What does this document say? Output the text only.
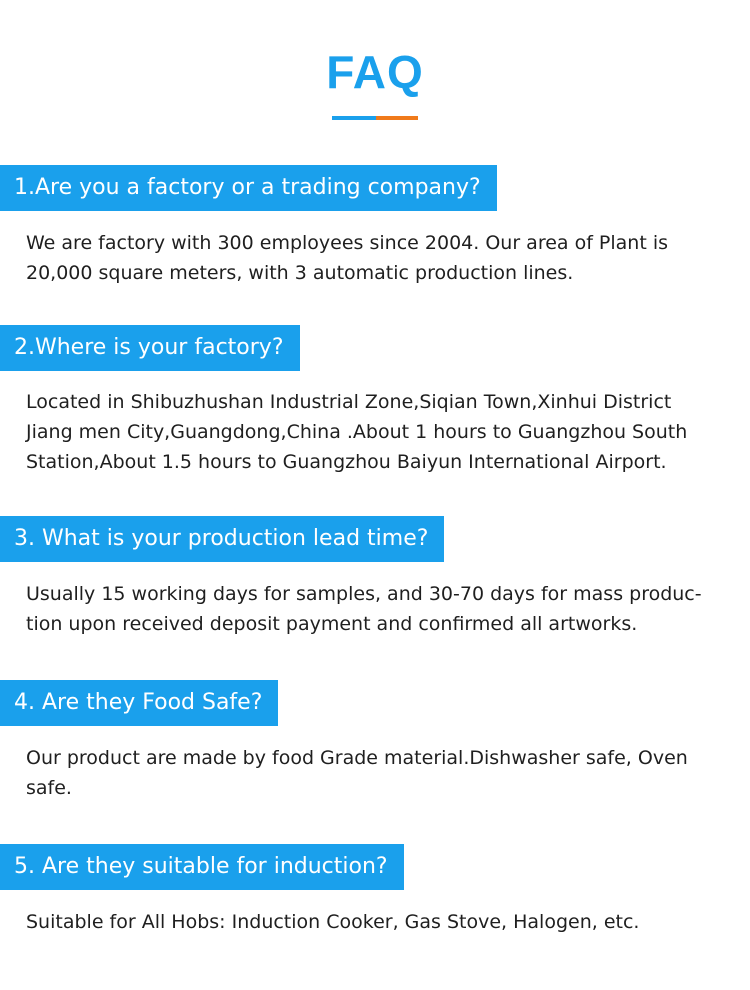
FAQ
1.Are you a factory or a trading company?
We are factory with 300 employees since 2004. Our area of Plant is
20,000 square meters, with 3 automatic production lines.
2.Where is your factory?
Located in Shibuzhushan Industrial Zone,Siqian Town,Xinhui District
Jiang men City,Guangdong,China .About 1 hours to Guangzhou South
Station,About 1.5 hours to Guangzhou Baiyun International Airport.
3. What is your production lead time?
Usually 15 working days for samples, and 30-70 days for mass produc-
tion upon received deposit payment and confirmed all artworks.
4. Are they Food Safe?
Our product are made by food Grade material.Dishwasher safe, Oven
safe.
5. Are they suitable for induction?
Suitable for All Hobs: Induction Cooker, Gas Stove, Halogen, etc.
